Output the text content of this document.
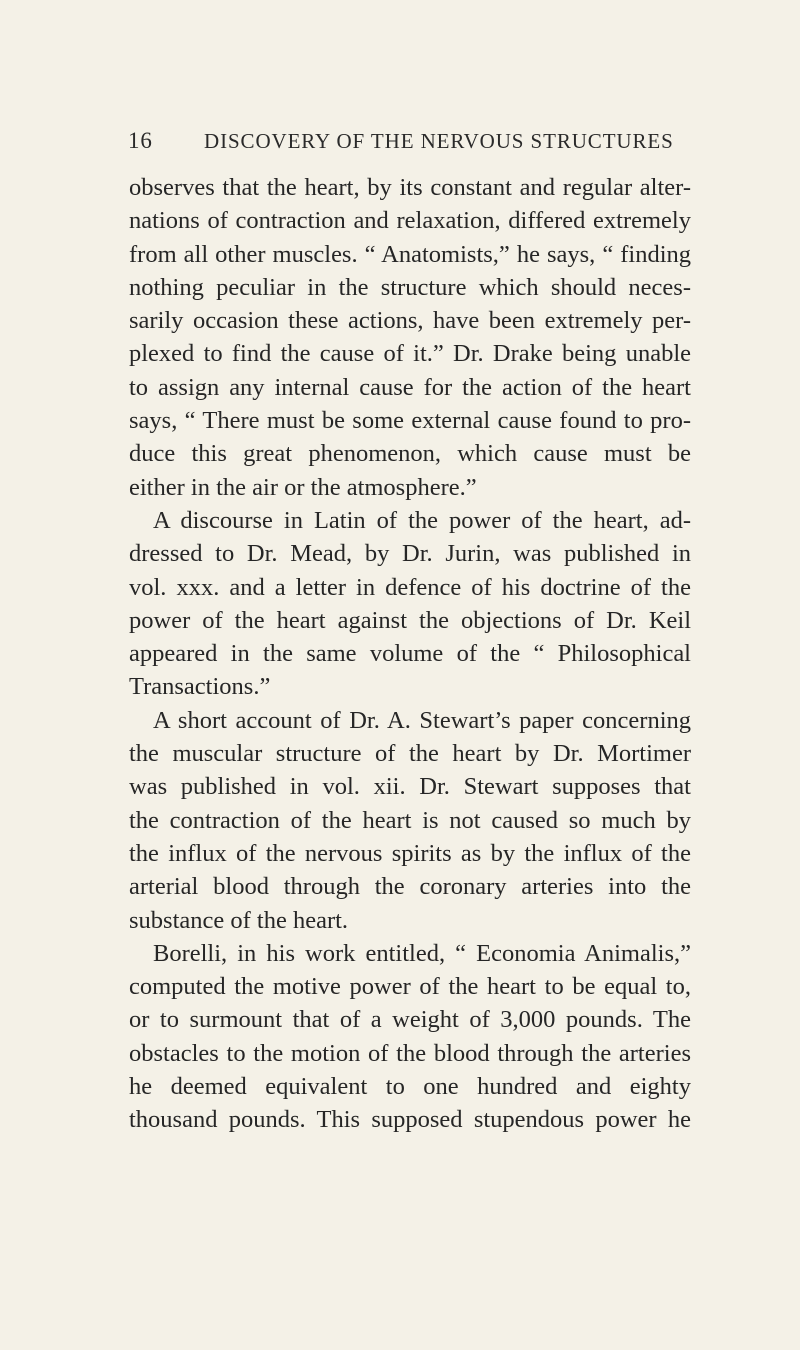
16	DISCOVERY OF THE NERVOUS STRUCTURES
observes that the heart, by its constant and regular alter-
nations of contraction and relaxation, differed extremely
from all other muscles. “ Anatomists,” he says, “ finding
nothing peculiar in the structure which should neces-
sarily occasion these actions, have been extremely per-
plexed to find the cause of it.” Dr. Drake being unable
to assign any internal cause for the action of the heart
says, “ There must be some external cause found to pro-
duce this great phenomenon, which cause must be
either in the air or the atmosphere.”
A discourse in Latin of the power of the heart, ad-
dressed to Dr. Mead, by Dr. Jurin, was published in
vol. xxx. and a letter in defence of his doctrine of the
power of the heart against the objections of Dr. Keil
appeared in the same volume of the “ Philosophical
Transactions.”
A short account of Dr. A. Stewart’s paper concerning
the muscular structure of the heart by Dr. Mortimer
was published in vol. xii. Dr. Stewart supposes that
the contraction of the heart is not caused so much by
the influx of the nervous spirits as by the influx of the
arterial blood through the coronary arteries into the
substance of the heart.
Borelli, in his work entitled, “ Economia Animalis,”
computed the motive power of the heart to be equal to,
or to surmount that of a weight of 3,000 pounds. The
obstacles to the motion of the blood through the arteries
he deemed equivalent to one hundred and eighty
thousand pounds. This supposed stupendous power he
